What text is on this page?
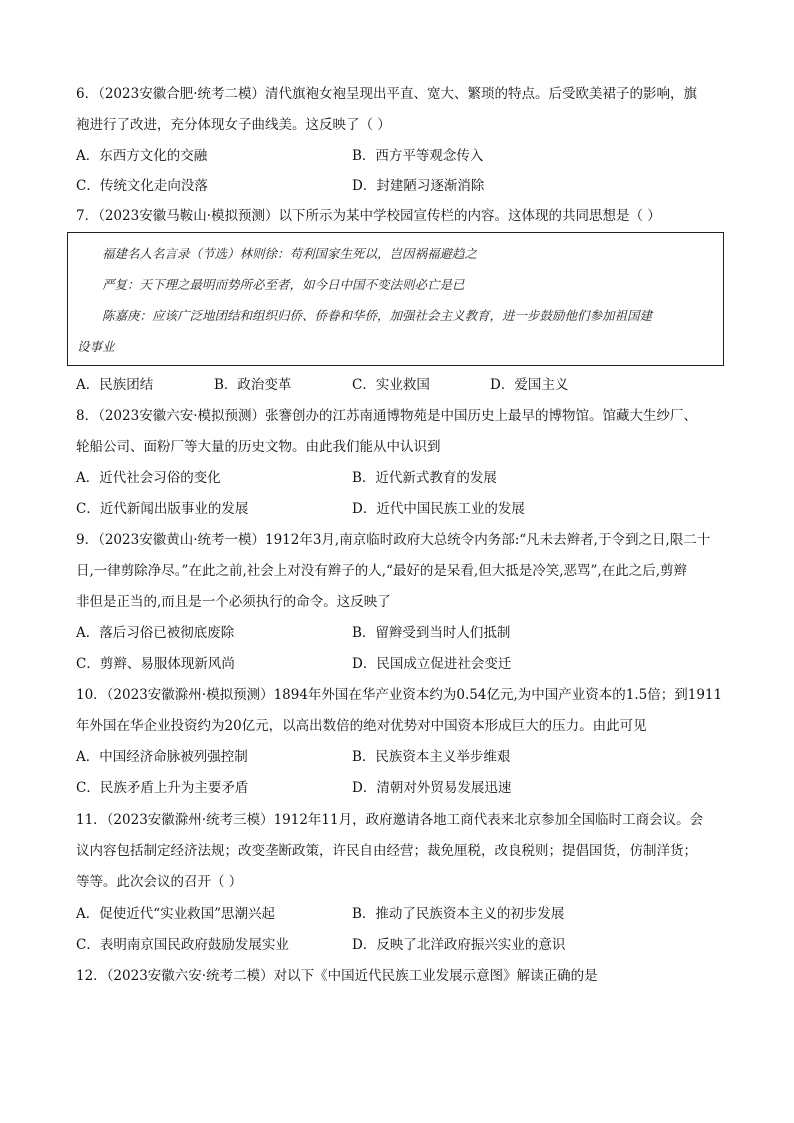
6．（2023安徽合肥·统考二模）清代旗袍女袍呈现出平直、宽大、繁琐的特点。后受欧美裙子的影响，旗
袍进行了改进，充分体现女子曲线美。这反映了（ ）
A．东西方文化的交融	B．西方平等观念传入
C．传统文化走向没落	D．封建陋习逐渐消除
7．（2023安徽马鞍山·模拟预测）以下所示为某中学校园宣传栏的内容。这体现的共同思想是（ ）
福建名人名言录（节选）林则徐：苟利国家生死以，岂因祸福避趋之
严复：天下理之最明而势所必至者，如今日中国不变法则必亡是已
陈嘉庚：应该广泛地团结和组织归侨、侨眷和华侨，加强社会主义教育，进一步鼓励他们参加祖国建
设事业
A．民族团结	B．政治变革	C．实业救国	D．爱国主义
8．（2023安徽六安·模拟预测）张謇创办的江苏南通博物苑是中国历史上最早的博物馆。馆藏大生纱厂、
轮船公司、面粉厂等大量的历史文物。由此我们能从中认识到
A．近代社会习俗的变化	B．近代新式教育的发展
C．近代新闻出版事业的发展	D．近代中国民族工业的发展
9．（2023安徽黄山·统考一模）1912年3月,南京临时政府大总统令内务部:“凡未去辫者,于令到之日,限二十
日,一律剪除净尽。”在此之前,社会上对没有辫子的人,“最好的是呆看,但大抵是冷笑,恶骂”,在此之后,剪辫
非但是正当的,而且是一个必须执行的命令。这反映了
A．落后习俗已被彻底废除	B．留辫受到当时人们抵制
C．剪辫、易服体现新风尚	D．民国成立促进社会变迁
10．（2023安徽滁州·模拟预测）1894年外国在华产业资本约为0.54亿元,为中国产业资本的1.5倍；到1911
年外国在华企业投资约为20亿元，以高出数倍的绝对优势对中国资本形成巨大的压力。由此可见
A．中国经济命脉被列强控制	B．民族资本主义举步维艰
C．民族矛盾上升为主要矛盾	D．清朝对外贸易发展迅速
11．（2023安徽滁州·统考三模）1912年11月，政府邀请各地工商代表来北京参加全国临时工商会议。会
议内容包括制定经济法规；改变垄断政策，许民自由经营；裁免厘税，改良税则；提倡国货，仿制洋货；
等等。此次会议的召开（ ）
A．促使近代“实业救国”思潮兴起	B．推动了民族资本主义的初步发展
C．表明南京国民政府鼓励发展实业	D．反映了北洋政府振兴实业的意识
12．（2023安徽六安·统考二模）对以下《中国近代民族工业发展示意图》解读正确的是
